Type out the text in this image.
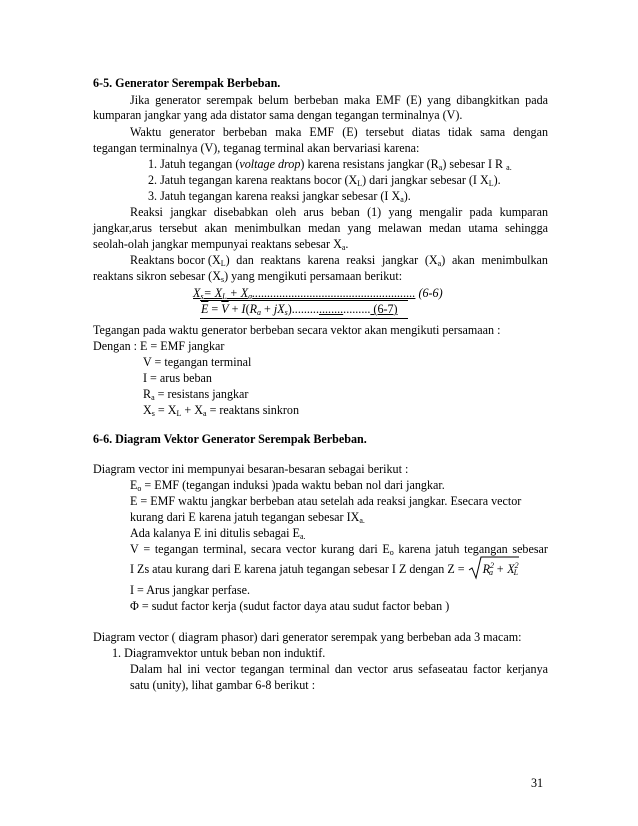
6-5. Generator Serempak Berbeban.
Jika generator serempak belum berbeban maka EMF (E) yang dibangkitkan pada
kumparan jangkar yang ada distator sama dengan tegangan terminalnya (V).
Waktu generator berbeban maka EMF (E) tersebut diatas tidak sama dengan
tegangan terminalnya (V), teganag terminal akan bervariasi karena:
1. Jatuh tegangan (voltage drop) karena resistans jangkar $(R_a)$ sebesar I R $_{a.}$
2. Jatuh tegangan karena reaktans bocor $(X_L)$ dari jangkar sebesar (I $X_L$).
3. Jatuh tegangan karena reaksi jangkar sebesar (I $X_a$).
Reaksi jangkar disebabkan oleh arus beban (1) yang mengalir pada kumparan
jangkar,arus tersebut akan menimbulkan medan yang melawan medan utama sehingga
seolah-olah jangkar mempunyai reaktans sebesar $X_a$.
Reaktans bocor $(X_L)$ dan reaktans karena reaksi jangkar $(X_a)$ akan menimbulkan
reaktans sikron sebesar $(X_s)$ yang mengikuti persamaan berikut:
$X_s= X_L + X_a$...................................................... (6-6)
$\overline{E} = \overline{V} + I(R_a + jX_s)$.......................... (6-7)
Tegangan pada waktu generator berbeban secara vektor akan mengikuti persamaan :
Dengan : E = EMF jangkar
V = tegangan terminal
I = arus beban
$R_a$ = resistans jangkar
$X_s = X_L + X_a$ = reaktans sinkron
6-6. Diagram Vektor Generator Serempak Berbeban.
Diagram vector ini mempunyai besaran-besaran sebagai berikut :
$E_o$ = EMF (tegangan induksi )pada waktu beban nol dari jangkar.
E = EMF waktu jangkar berbeban atau setelah ada reaksi jangkar. Esecara vector
kurang dari E karena jatuh tegangan sebesar $IX_{a.}$
Ada kalanya E ini ditulis sebagai $E_{a.}$
V = tegangan terminal, secara vector kurang dari $E_o$ karena jatuh tegangan sebesar
I Zs atau kurang dari E karena jatuh tegangan sebesar I Z dengan $Z = R^2_a + X^2_L$
I = Arus jangkar perfase.
Φ = sudut factor kerja (sudut factor daya atau sudut factor beban )
Diagram vector ( diagram phasor) dari generator serempak yang berbeban ada 3 macam:
1. Diagramvektor untuk beban non induktif.
Dalam hal ini vector tegangan terminal dan vector arus sefaseatau factor kerjanya
satu (unity), lihat gambar 6-8 berikut :
31
